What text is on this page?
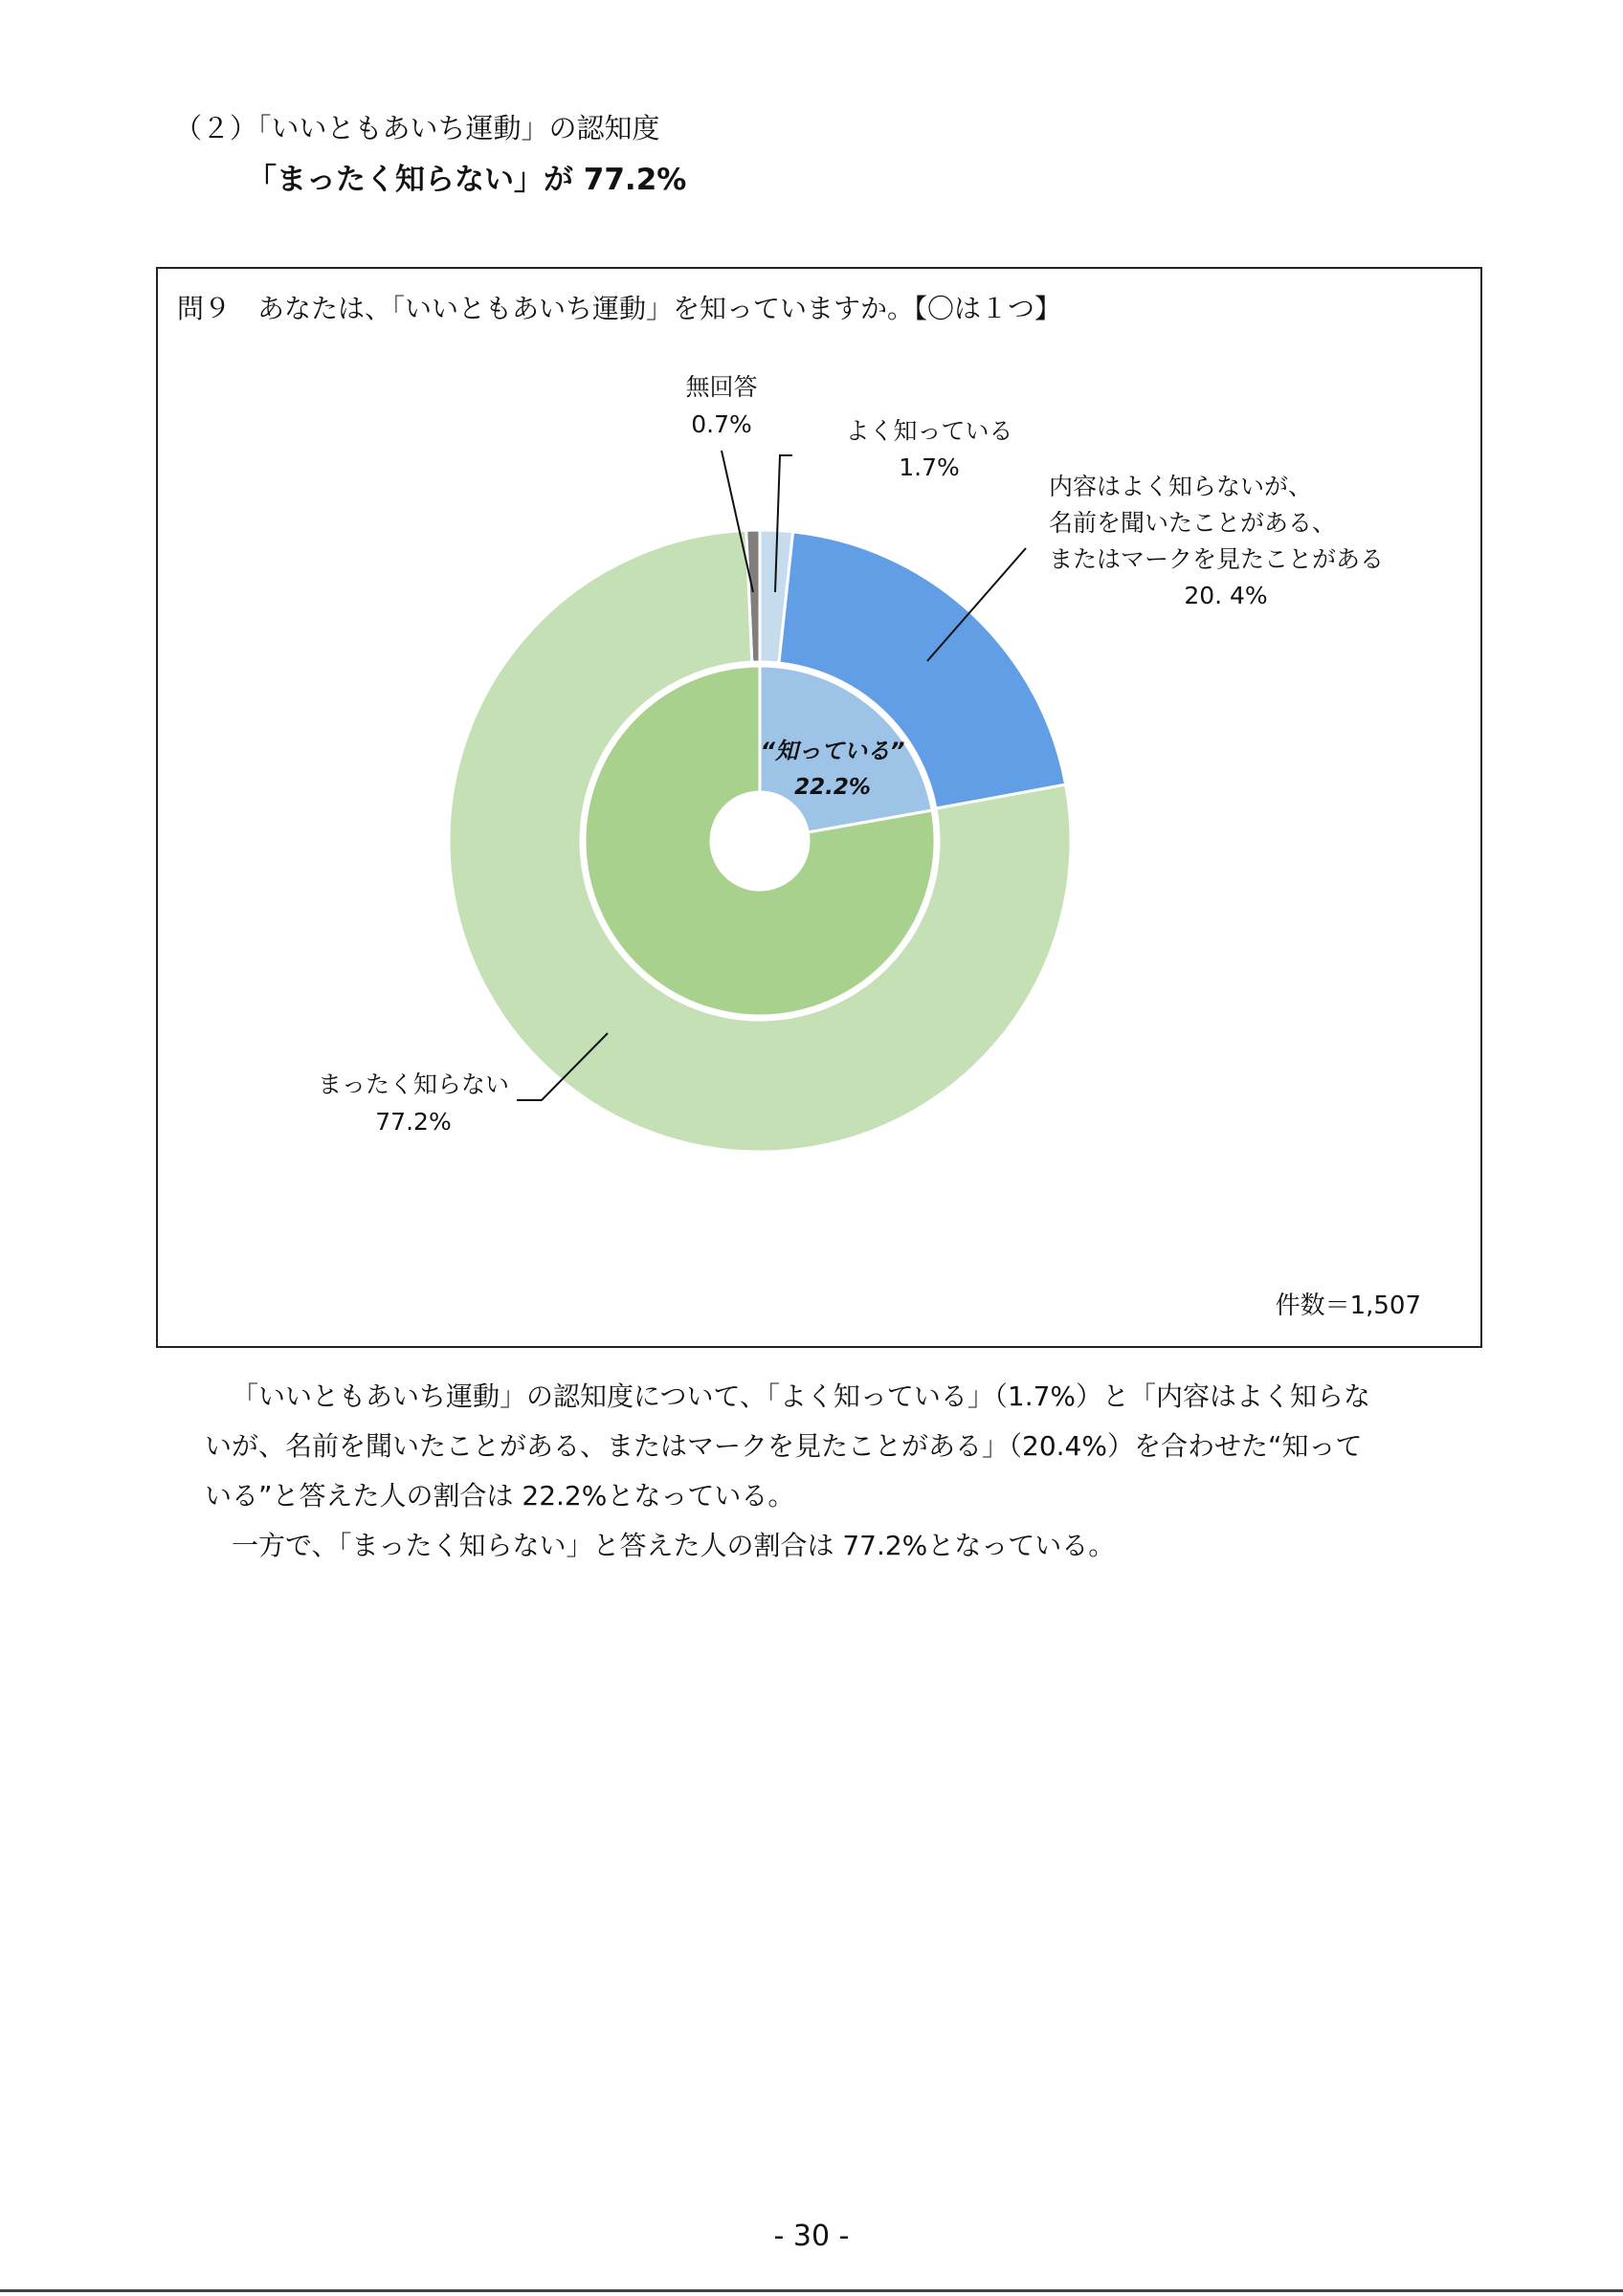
（２）「いいともあいち運動」の認知度
「まったく知らない」が 77.2%
問９　あなたは、「いいともあいち運動」を知っていますか。【〇は１つ】
無回答
0.7%	よく知っている
1.7%
内容はよく知らないが、
名前を聞いたことがある、
またはマークを見たことがある
20. 4%
まったく知らない
77.2%
“知っている”
22.2%
件数＝1,507

「いいともあいち運動」の認知度について、「よく知っている」（1.7%）と「内容はよく知らな

いが、名前を聞いたことがある、またはマークを見たことがある」（20.4%）を合わせた“知って

いる”と答えた人の割合は 22.2%となっている。

一方で、「まったく知らない」と答えた人の割合は 77.2%となっている。

- 30 -
